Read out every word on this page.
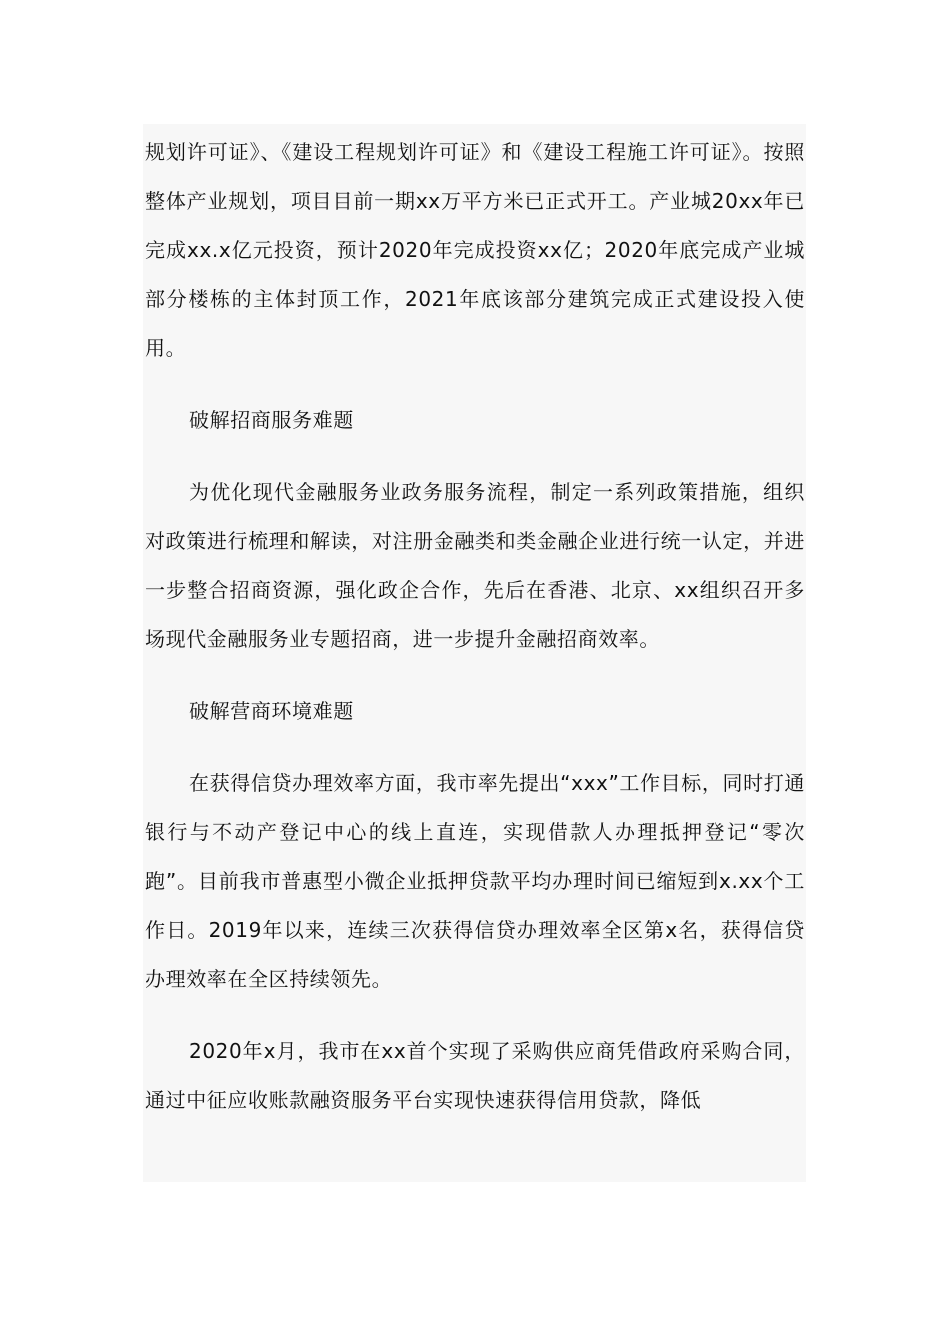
规划许可证》、《建设工程规划许可证》和《建设工程施工许可证》。按照整体产业规划，项目目前一期xx万平方米已正式开工。产业城20xx年已完成xx.x亿元投资，预计2020年完成投资xx亿；2020年底完成产业城部分楼栋的主体封顶工作，2021年底该部分建筑完成正式建设投入使用。

破解招商服务难题

为优化现代金融服务业政务服务流程，制定一系列政策措施，组织对政策进行梳理和解读，对注册金融类和类金融企业进行统一认定，并进一步整合招商资源，强化政企合作，先后在香港、北京、xx组织召开多场现代金融服务业专题招商，进一步提升金融招商效率。

破解营商环境难题

在获得信贷办理效率方面，我市率先提出“xxx”工作目标，同时打通银行与不动产登记中心的线上直连，实现借款人办理抵押登记“零次跑”。目前我市普惠型小微企业抵押贷款平均办理时间已缩短到x.xx个工作日。2019年以来，连续三次获得信贷办理效率全区第x名，获得信贷办理效率在全区持续领先。

2020年x月，我市在xx首个实现了采购供应商凭借政府采购合同，通过中征应收账款融资服务平台实现快速获得信用贷款，降低
